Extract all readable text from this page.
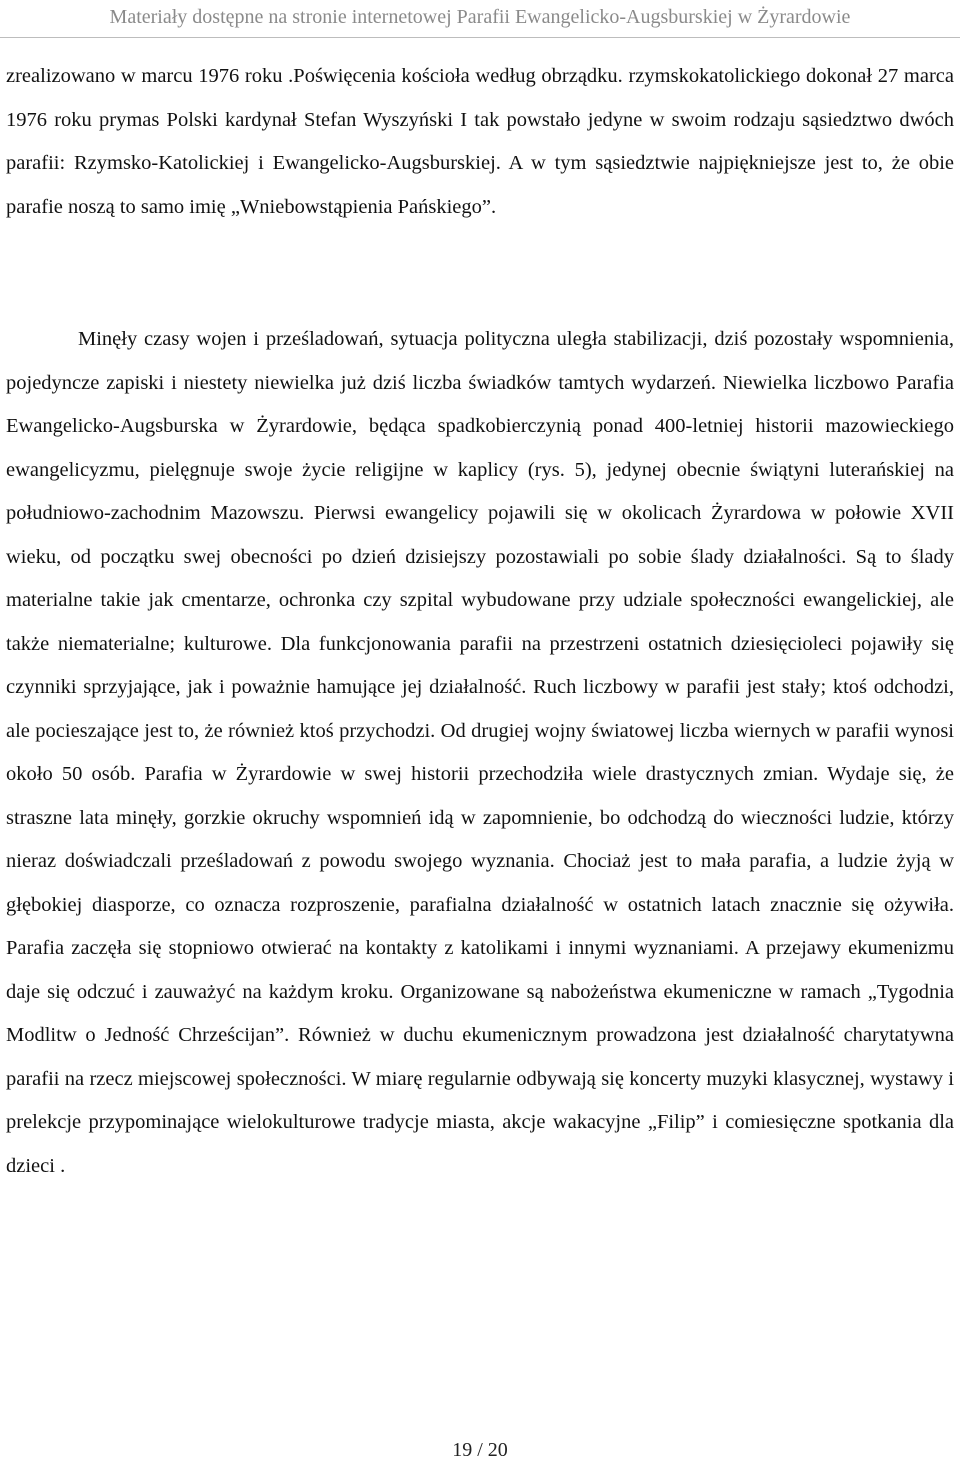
Materiały dostępne na stronie internetowej Parafii Ewangelicko-Augsburskiej w Żyrardowie

zrealizowano w marcu 1976 roku .Poświęcenia kościoła według obrządku. rzymskokatolickiego dokonał 27 marca 1976 roku prymas Polski kardynał Stefan Wyszyński I tak powstało jedyne w swoim rodzaju sąsiedztwo dwóch parafii: Rzymsko-Katolickiej i Ewangelicko-Augsburskiej. A w tym sąsiedztwie najpiękniejsze jest to, że obie parafie noszą to samo imię „Wniebowstąpienia Pańskiego”.

Minęły czasy wojen i prześladowań, sytuacja polityczna uległa stabilizacji, dziś pozostały wspomnienia, pojedyncze zapiski i niestety niewielka już dziś liczba świadków tamtych wydarzeń. Niewielka liczbowo Parafia Ewangelicko-Augsburska w Żyrardowie, będąca spadkobierczynią ponad 400-letniej historii mazowieckiego ewangelicyzmu, pielęgnuje swoje życie religijne w kaplicy (rys. 5), jedynej obecnie świątyni luterańskiej na południowo-zachodnim Mazowszu. Pierwsi ewangelicy pojawili się w okolicach Żyrardowa w połowie XVII wieku, od początku swej obecności po dzień dzisiejszy pozostawiali po sobie ślady działalności. Są to ślady materialne takie jak cmentarze, ochronka czy szpital wybudowane przy udziale społeczności ewangelickiej, ale także niematerialne; kulturowe. Dla funkcjonowania parafii na przestrzeni ostatnich dziesięcioleci pojawiły się czynniki sprzyjające, jak i poważnie hamujące jej działalność. Ruch liczbowy w parafii jest stały; ktoś odchodzi, ale pocieszające jest to, że również ktoś przychodzi. Od drugiej wojny światowej liczba wiernych w parafii wynosi około 50 osób. Parafia w Żyrardowie w swej historii przechodziła wiele drastycznych zmian. Wydaje się, że straszne lata minęły, gorzkie okruchy wspomnień idą w zapomnienie, bo odchodzą do wieczności ludzie, którzy nieraz doświadczali prześladowań z powodu swojego wyznania. Chociaż jest to mała parafia, a ludzie żyją w głębokiej diasporze, co oznacza rozproszenie, parafialna działalność w ostatnich latach znacznie się ożywiła. Parafia zaczęła się stopniowo otwierać na kontakty z katolikami i innymi wyznaniami. A przejawy ekumenizmu daje się odczuć i zauważyć na każdym kroku. Organizowane są nabożeństwa ekumeniczne w ramach „Tygodnia Modlitw o Jedność Chrześcijan”. Również w duchu ekumenicznym prowadzona jest działalność charytatywna parafii na rzecz miejscowej społeczności. W miarę regularnie odbywają się koncerty muzyki klasycznej, wystawy i prelekcje przypominające wielokulturowe tradycje miasta, akcje wakacyjne „Filip” i comiesięczne spotkania dla dzieci .

19 / 20
